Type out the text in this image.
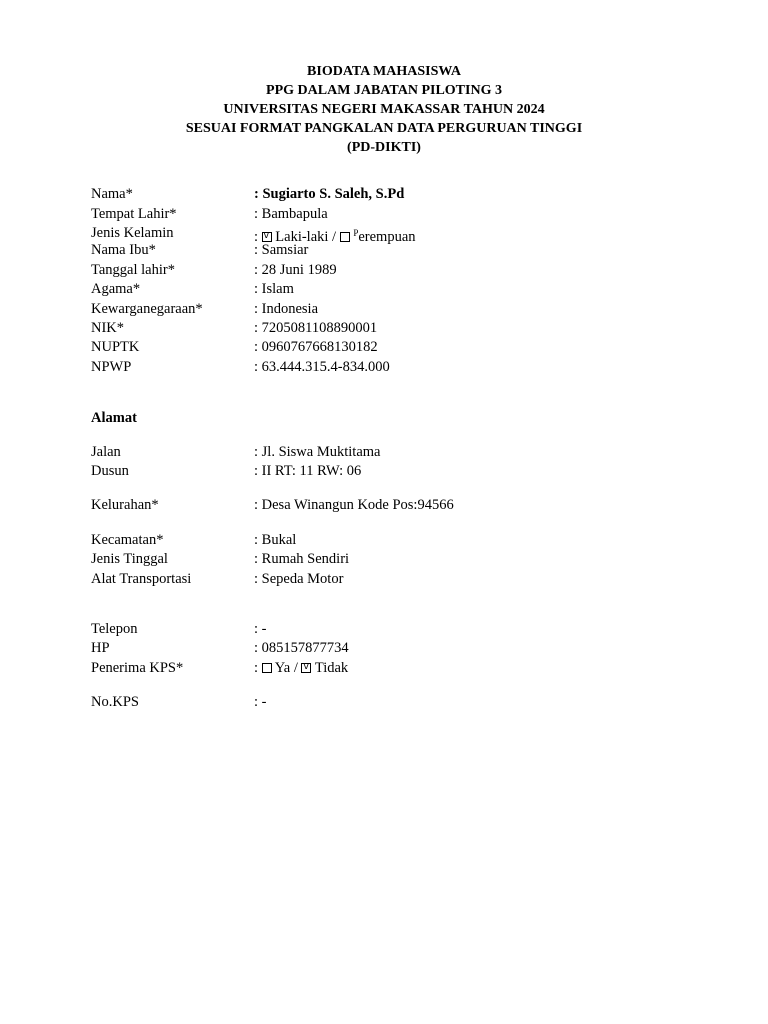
BIODATA MAHASISWA
PPG DALAM JABATAN PILOTING 3
UNIVERSITAS NEGERI MAKASSAR TAHUN 2024
SESUAI FORMAT PANGKALAN DATA PERGURUAN TINGGI
(PD-DIKTI)
Nama*	: Sugiarto S. Saleh, S.Pd
Tempat Lahir*	: Bambapula
Jenis Kelamin	: v Laki-laki / $^P$erempuan
Nama Ibu*	: Samsiar
Tanggal lahir*	: 28 Juni 1989
Agama*	: Islam
Kewarganegaraan*	: Indonesia
NIK*	: 7205081108890001
NUPTK	: 0960767668130182
NPWP	: 63.444.315.4-834.000
Alamat
Jalan	: Jl. Siswa Muktitama
Dusun	: II RT: 11 RW: 06
Kelurahan*	: Desa Winangun Kode Pos:94566
Kecamatan*	: Bukal
Jenis Tinggal	: Rumah Sendiri
Alat Transportasi	: Sepeda Motor
Telepon	: -
HP	: 085157877734
Penerima KPS*	: Ya / v Tidak
No.KPS	: -
